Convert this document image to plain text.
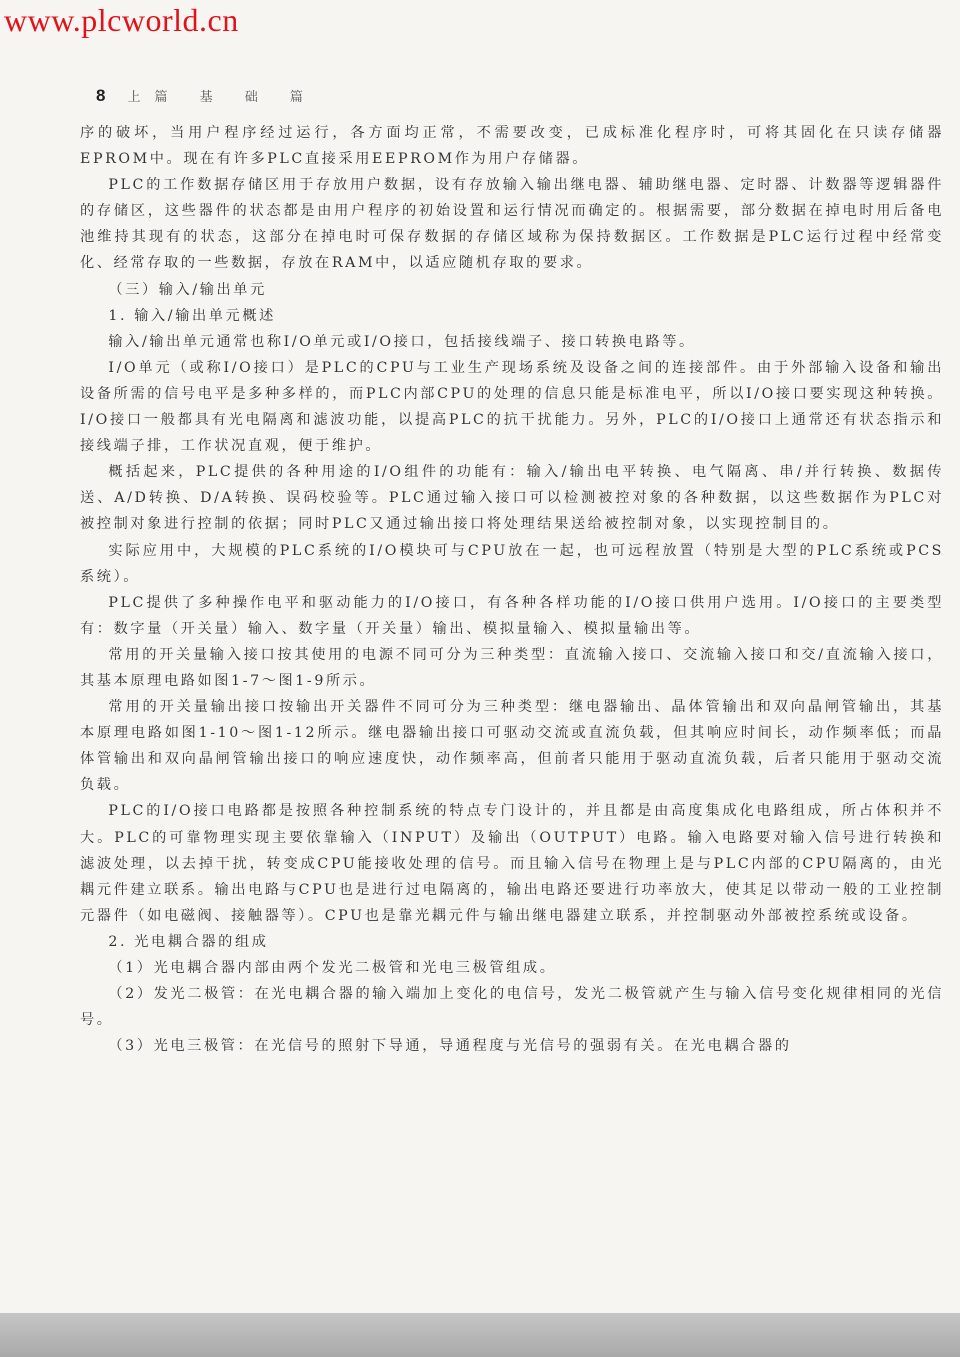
www.plcworld.cn
8 上篇 基 础 篇

序的破坏，当用户程序经过运行，各方面均正常，不需要改变，已成标准化程序时，可将其固化在只读存储器EPROM中。现在有许多PLC直接采用EEPROM作为用户存储器。

PLC的工作数据存储区用于存放用户数据，设有存放输入输出继电器、辅助继电器、定时器、计数器等逻辑器件的存储区，这些器件的状态都是由用户程序的初始设置和运行情况而确定的。根据需要，部分数据在掉电时用后备电池维持其现有的状态，这部分在掉电时可保存数据的存储区域称为保持数据区。工作数据是PLC运行过程中经常变化、经常存取的一些数据，存放在RAM中，以适应随机存取的要求。

（三）输入/输出单元

1. 输入/输出单元概述

输入/输出单元通常也称I/O单元或I/O接口，包括接线端子、接口转换电路等。

I/O单元（或称I/O接口）是PLC的CPU与工业生产现场系统及设备之间的连接部件。由于外部输入设备和输出设备所需的信号电平是多种多样的，而PLC内部CPU的处理的信息只能是标准电平，所以I/O接口要实现这种转换。I/O接口一般都具有光电隔离和滤波功能，以提高PLC的抗干扰能力。另外，PLC的I/O接口上通常还有状态指示和接线端子排，工作状况直观，便于维护。

概括起来，PLC提供的各种用途的I/O组件的功能有：输入/输出电平转换、电气隔离、串/并行转换、数据传送、A/D转换、D/A转换、误码校验等。PLC通过输入接口可以检测被控对象的各种数据，以这些数据作为PLC对被控制对象进行控制的依据；同时PLC又通过输出接口将处理结果送给被控制对象，以实现控制目的。

实际应用中，大规模的PLC系统的I/O模块可与CPU放在一起，也可远程放置（特别是大型的PLC系统或PCS系统）。

PLC提供了多种操作电平和驱动能力的I/O接口，有各种各样功能的I/O接口供用户选用。I/O接口的主要类型有：数字量（开关量）输入、数字量（开关量）输出、模拟量输入、模拟量输出等。

常用的开关量输入接口按其使用的电源不同可分为三种类型：直流输入接口、交流输入接口和交/直流输入接口，其基本原理电路如图1-7～图1-9所示。

常用的开关量输出接口按输出开关器件不同可分为三种类型：继电器输出、晶体管输出和双向晶闸管输出，其基本原理电路如图1-10～图1-12所示。继电器输出接口可驱动交流或直流负载，但其响应时间长，动作频率低；而晶体管输出和双向晶闸管输出接口的响应速度快，动作频率高，但前者只能用于驱动直流负载，后者只能用于驱动交流负载。

PLC的I/O接口电路都是按照各种控制系统的特点专门设计的，并且都是由高度集成化电路组成，所占体积并不大。PLC的可靠物理实现主要依靠输入（INPUT）及输出（OUTPUT）电路。输入电路要对输入信号进行转换和滤波处理，以去掉干扰，转变成CPU能接收处理的信号。而且输入信号在物理上是与PLC内部的CPU隔离的，由光耦元件建立联系。输出电路与CPU也是进行过电隔离的，输出电路还要进行功率放大，使其足以带动一般的工业控制元器件（如电磁阀、接触器等）。CPU也是靠光耦元件与输出继电器建立联系，并控制驱动外部被控系统或设备。

2. 光电耦合器的组成

（1）光电耦合器内部由两个发光二极管和光电三极管组成。

（2）发光二极管：在光电耦合器的输入端加上变化的电信号，发光二极管就产生与输入信号变化规律相同的光信号。

（3）光电三极管：在光信号的照射下导通，导通程度与光信号的强弱有关。在光电耦合器的
